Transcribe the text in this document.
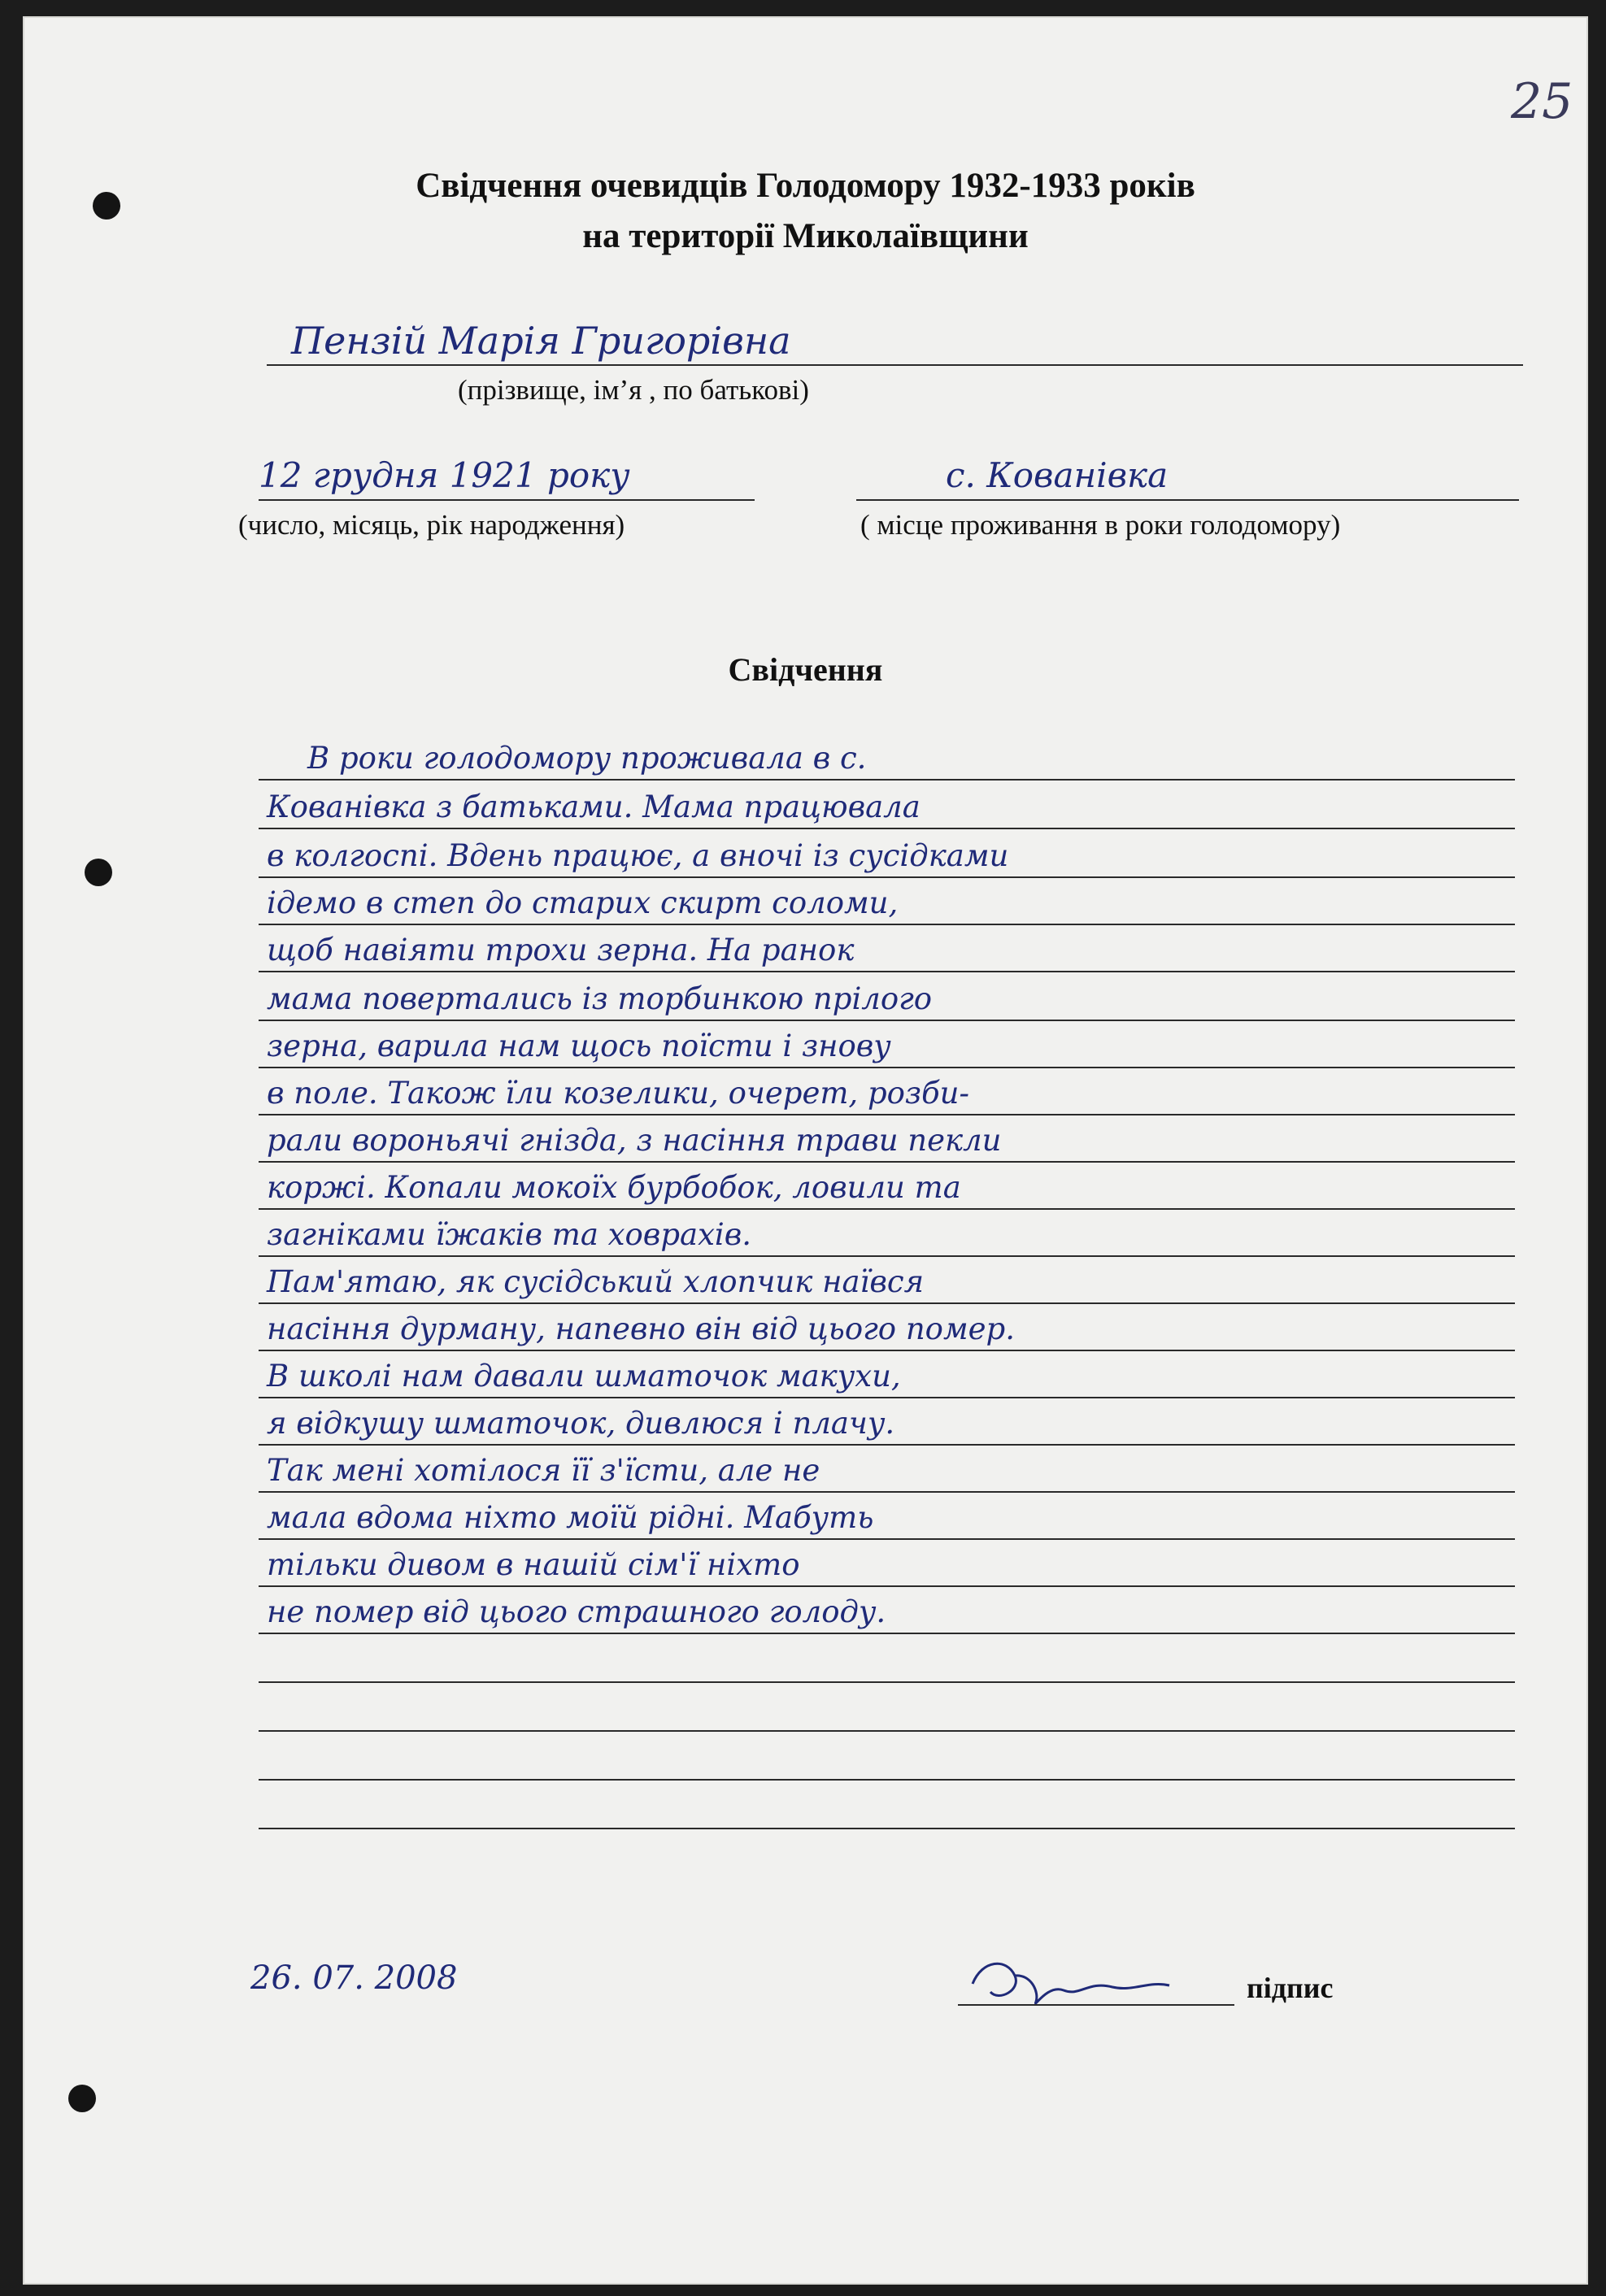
25
Свідчення очевидців Голодомору 1932-1933 років
на території Миколаївщини
Пензій Марія Григорівна
(прізвище, ім’я , по батькові)
12 грудня 1921 року
(число, місяць, рік народження)
с. Кованівка
( місце проживання в роки голодомору)
Свідчення
В роки голодомору проживала в с.
Кованівка з батьками. Мама працювала
в колгоспі. Вдень працює, а вночі із сусідками
ідемо в степ до старих скирт соломи,
щоб навіяти трохи зерна. На ранок
мама повертались із торбинкою прілого
зерна, варила нам щось поїсти і знову
в поле. Також їли козелики, очерет, розби-
рали вороньячі гнізда, з насіння трави пекли
коржі. Копали мокоїх бурбобок, ловили та
загніками їжаків та ховрахів.
Пам'ятаю, як сусідський хлопчик наївся
насіння дурману, напевно він від цього помер.
В школі нам давали шматочок макухи,
я відкушу шматочок, дивлюся і плачу.
Так мені хотілося її з'їсти, але не
мала вдома ніхто моїй рідні. Мабуть
тільки дивом в нашій сім'ї ніхто
не помер від цього страшного голоду.
26. 07. 2008	підпис
